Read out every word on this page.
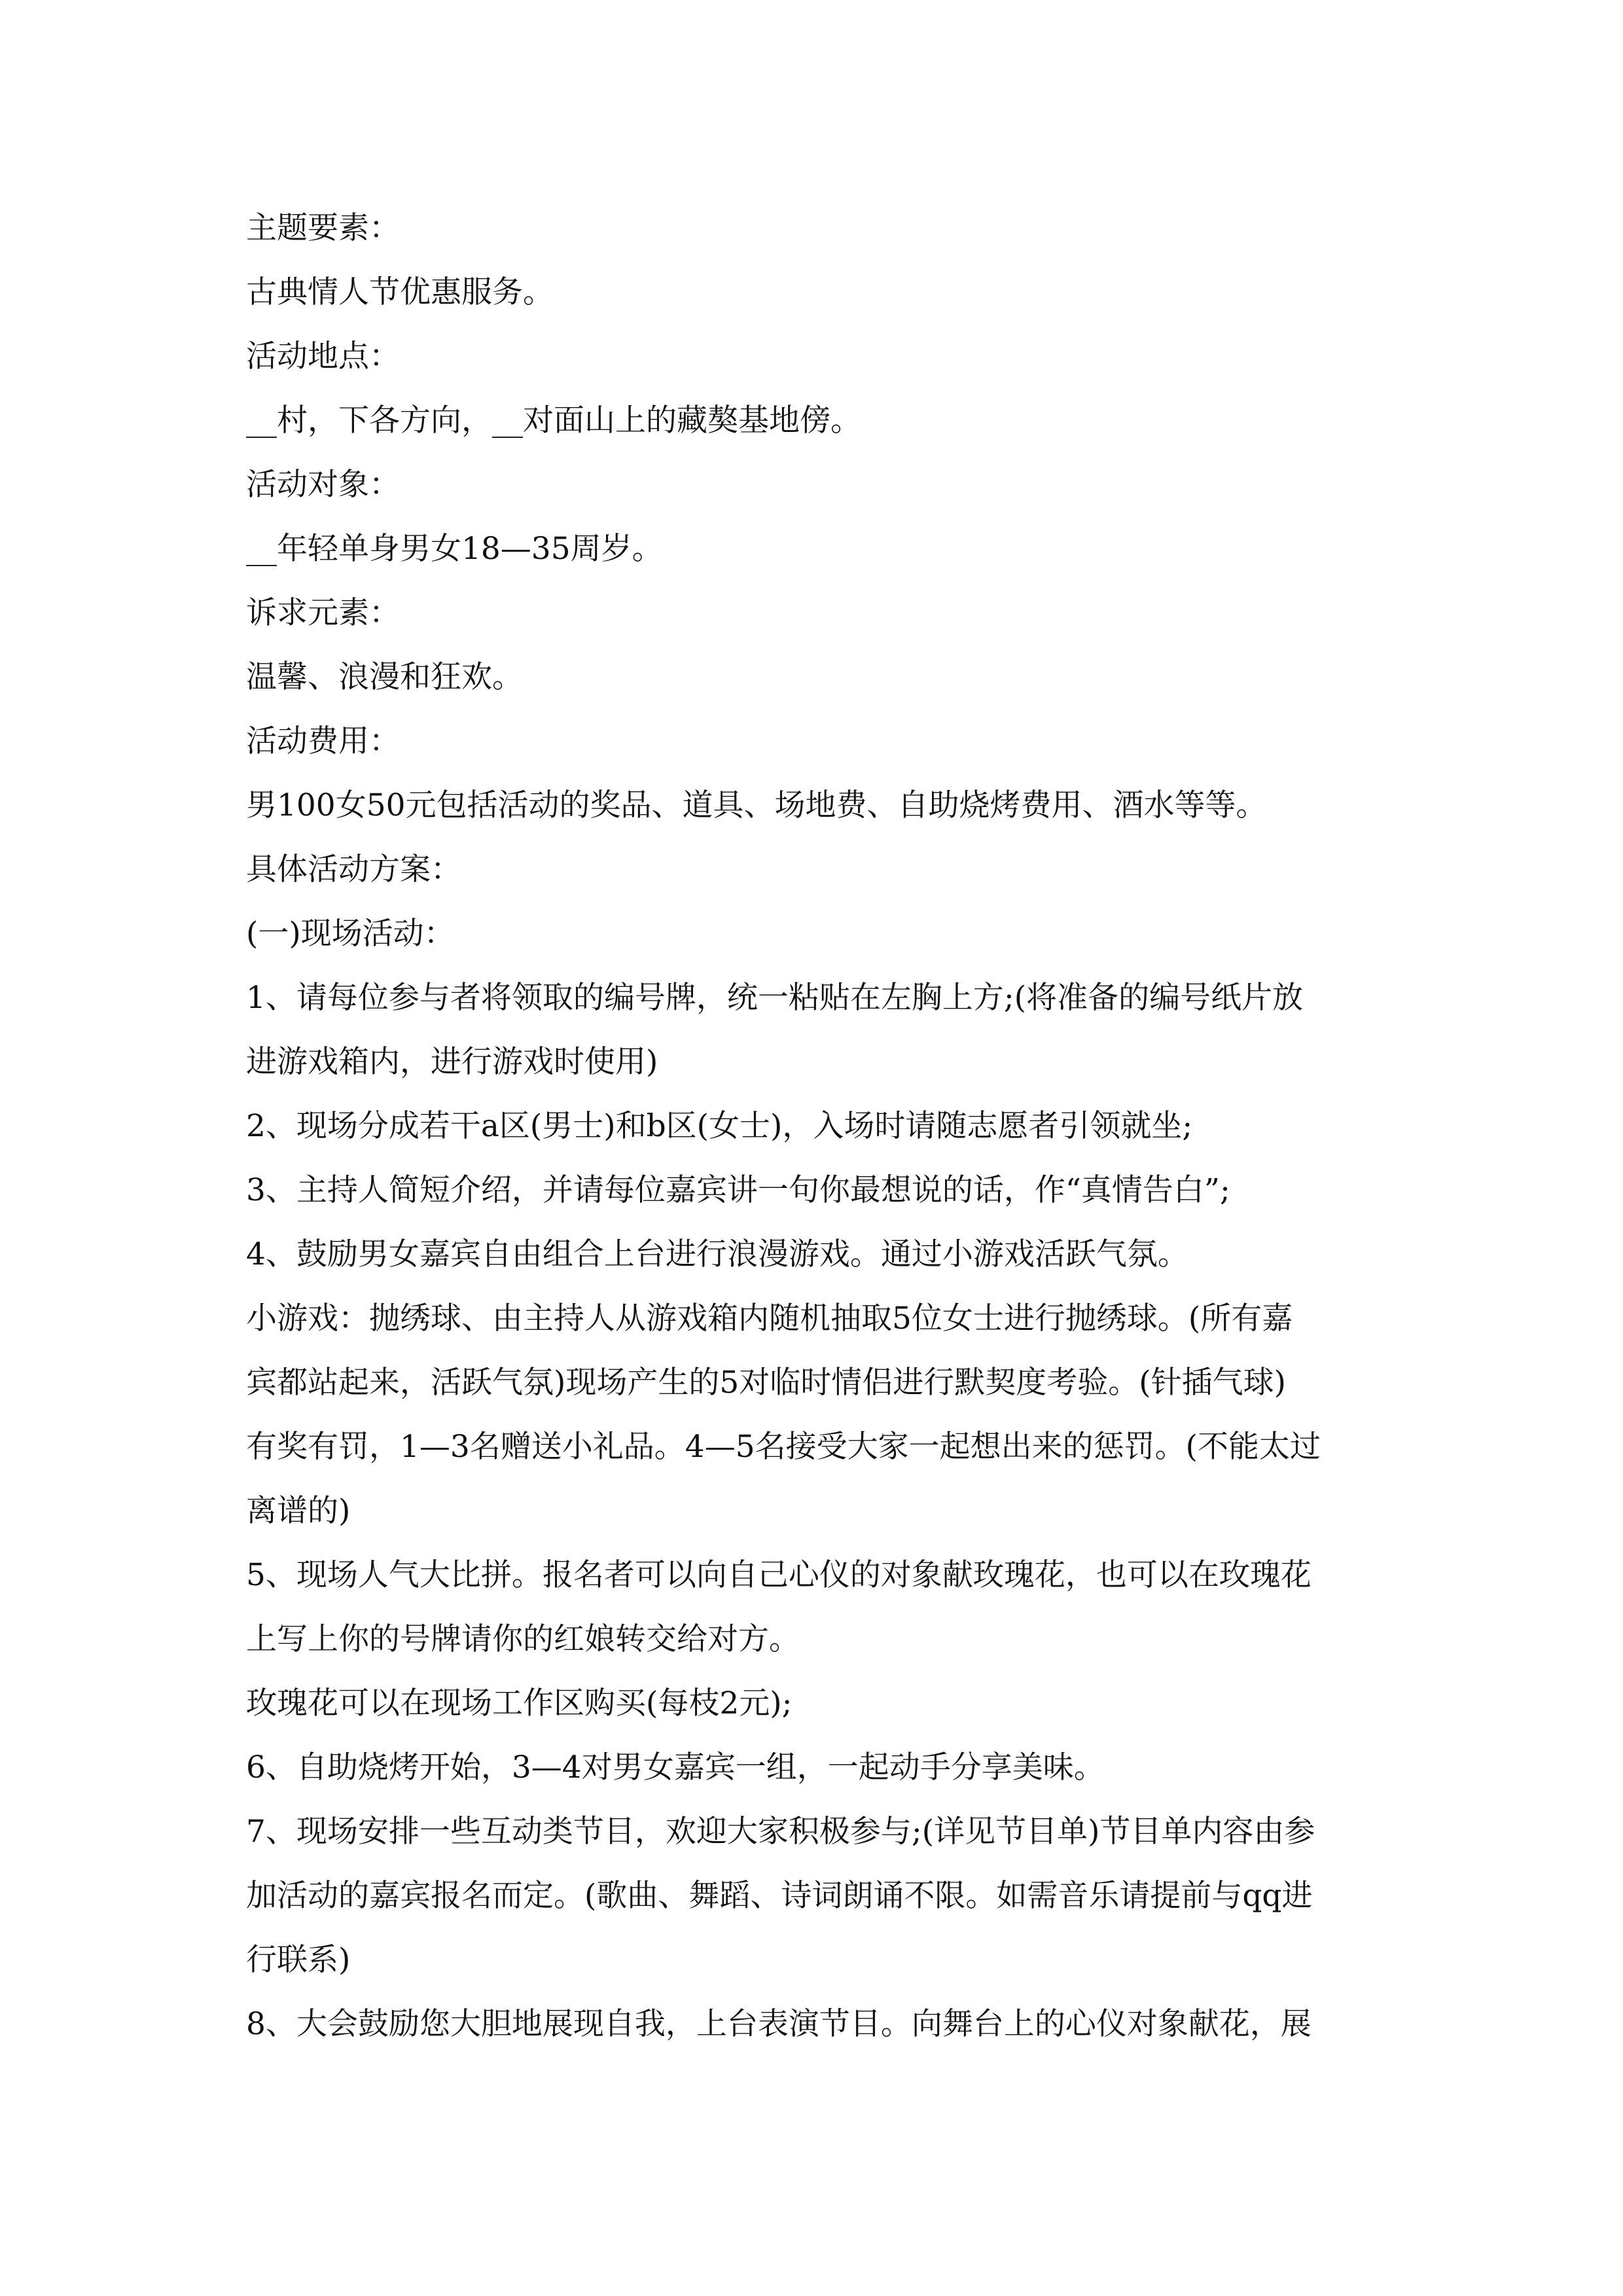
主题要素：
古典情人节优惠服务。
活动地点：
__村，下各方向，__对面山上的藏獒基地傍。
活动对象：
__年轻单身男女18—35周岁。
诉求元素：
温馨、浪漫和狂欢。
活动费用：
男100女50元包括活动的奖品、道具、场地费、自助烧烤费用、酒水等等。
具体活动方案：
(一)现场活动：
1、请每位参与者将领取的编号牌，统一粘贴在左胸上方;(将准备的编号纸片放
进游戏箱内，进行游戏时使用)
2、现场分成若干a区(男士)和b区(女士)，入场时请随志愿者引领就坐;
3、主持人简短介绍，并请每位嘉宾讲一句你最想说的话，作“真情告白”;
4、鼓励男女嘉宾自由组合上台进行浪漫游戏。通过小游戏活跃气氛。
小游戏：抛绣球、由主持人从游戏箱内随机抽取5位女士进行抛绣球。(所有嘉
宾都站起来，活跃气氛)现场产生的5对临时情侣进行默契度考验。(针插气球)
有奖有罚，1—3名赠送小礼品。4—5名接受大家一起想出来的惩罚。(不能太过
离谱的)
5、现场人气大比拼。报名者可以向自己心仪的对象献玫瑰花，也可以在玫瑰花
上写上你的号牌请你的红娘转交给对方。
玫瑰花可以在现场工作区购买(每枝2元);
6、自助烧烤开始，3—4对男女嘉宾一组，一起动手分享美味。
7、现场安排一些互动类节目，欢迎大家积极参与;(详见节目单)节目单内容由参
加活动的嘉宾报名而定。(歌曲、舞蹈、诗词朗诵不限。如需音乐请提前与qq进
行联系)
8、大会鼓励您大胆地展现自我，上台表演节目。向舞台上的心仪对象献花，展
